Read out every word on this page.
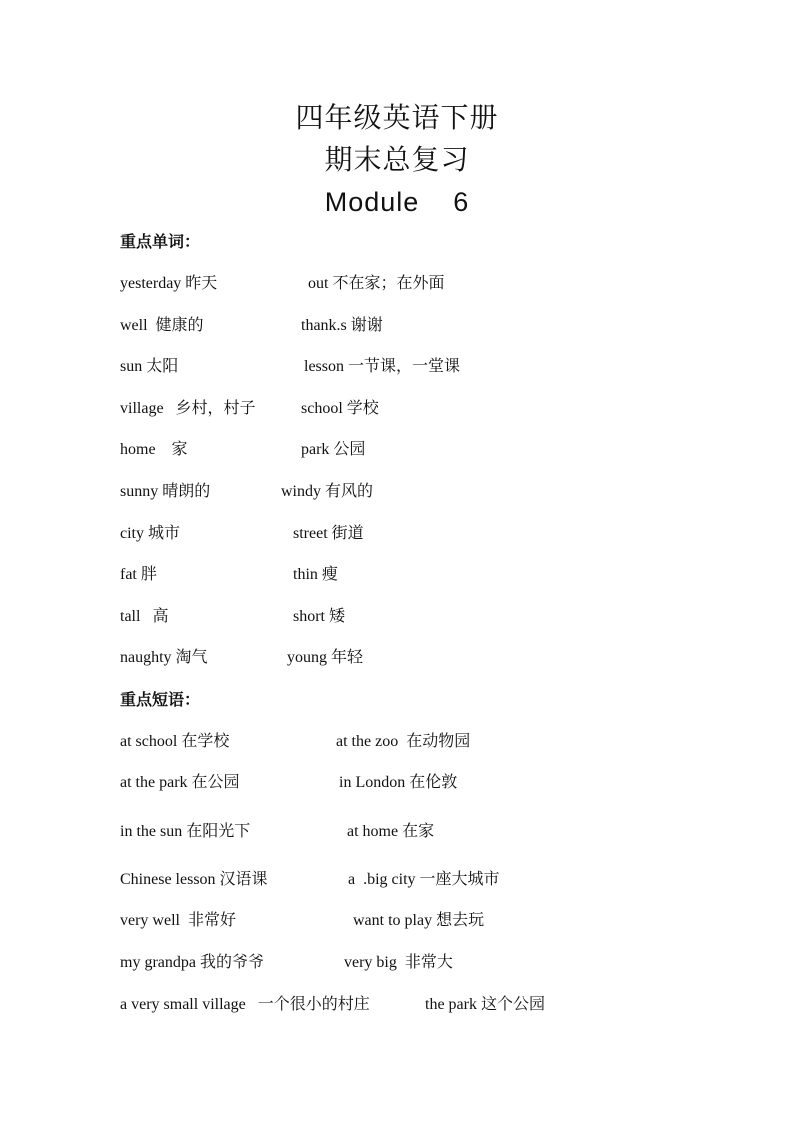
四年级英语下册
期末总复习
Module    6
重点单词：
yesterday 昨天	out 不在家；在外面
well  健康的	thank.s 谢谢
sun 太阳	lesson 一节课，一堂课
village   乡村，村子	school 学校
home    家	park 公园
sunny 晴朗的	windy 有风的
city 城市	street 街道
fat 胖	thin 瘦
tall   高	short 矮
naughty 淘气	young 年轻
重点短语：
at school 在学校	at the zoo  在动物园
at the park 在公园	in London 在伦敦
in the sun 在阳光下	at home 在家
Chinese lesson 汉语课	a  .big city 一座大城市
very well  非常好	want to play 想去玩
my grandpa 我的爷爷	very big  非常大
a very small village   一个很小的村庄	the park 这个公园
